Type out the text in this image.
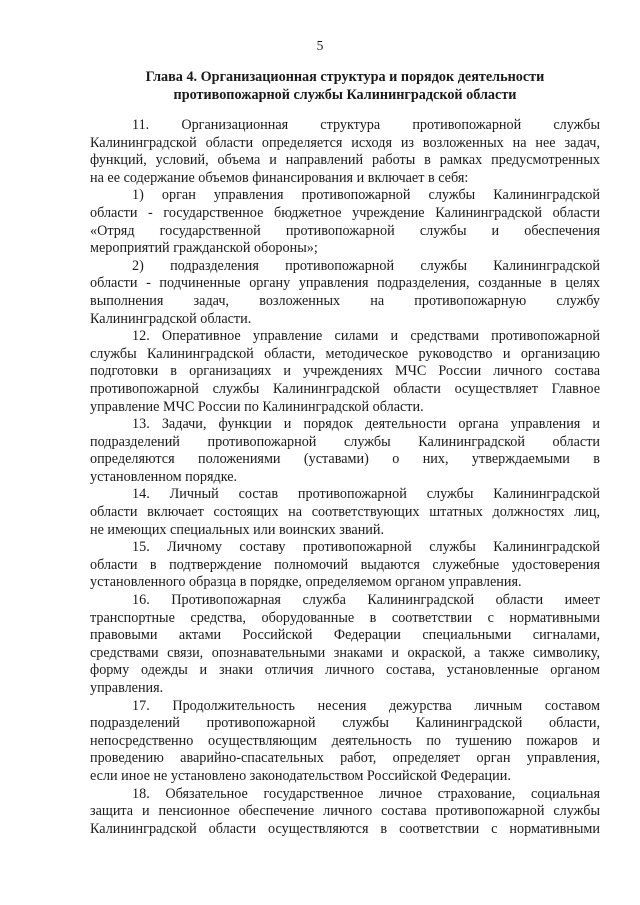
5
Глава 4. Организационная структура и порядок деятельности
противопожарной службы Калининградской области
11. Организационная структура противопожарной службы
Калининградской области определяется исходя из возложенных на нее задач,
функций, условий, объема и направлений работы в рамках предусмотренных
на ее содержание объемов финансирования и включает в себя:
1) орган управления противопожарной службы Калининградской
области - государственное бюджетное учреждение Калининградской области
«Отряд государственной противопожарной службы и обеспечения
мероприятий гражданской обороны»;
2) подразделения противопожарной службы Калининградской
области - подчиненные органу управления подразделения, созданные в целях
выполнения задач, возложенных на противопожарную службу
Калининградской области.
12. Оперативное управление силами и средствами противопожарной
службы Калининградской области, методическое руководство и организацию
подготовки в организациях и учреждениях МЧС России личного состава
противопожарной службы Калининградской области осуществляет Главное
управление МЧС России по Калининградской области.
13. Задачи, функции и порядок деятельности органа управления и
подразделений противопожарной службы Калининградской области
определяются положениями (уставами) о них, утверждаемыми в
установленном порядке.
14. Личный состав противопожарной службы Калининградской
области включает состоящих на соответствующих штатных должностях лиц,
не имеющих специальных или воинских званий.
15. Личному составу противопожарной службы Калининградской
области в подтверждение полномочий выдаются служебные удостоверения
установленного образца в порядке, определяемом органом управления.
16. Противопожарная служба Калининградской области имеет
транспортные средства, оборудованные в соответствии с нормативными
правовыми актами Российской Федерации специальными сигналами,
средствами связи, опознавательными знаками и окраской, а также символику,
форму одежды и знаки отличия личного состава, установленные органом
управления.
17. Продолжительность несения дежурства личным составом
подразделений противопожарной службы Калининградской области,
непосредственно осуществляющим деятельность по тушению пожаров и
проведению аварийно-спасательных работ, определяет орган управления,
если иное не установлено законодательством Российской Федерации.
18. Обязательное государственное личное страхование, социальная
защита и пенсионное обеспечение личного состава противопожарной службы
Калининградской области осуществляются в соответствии с нормативными
